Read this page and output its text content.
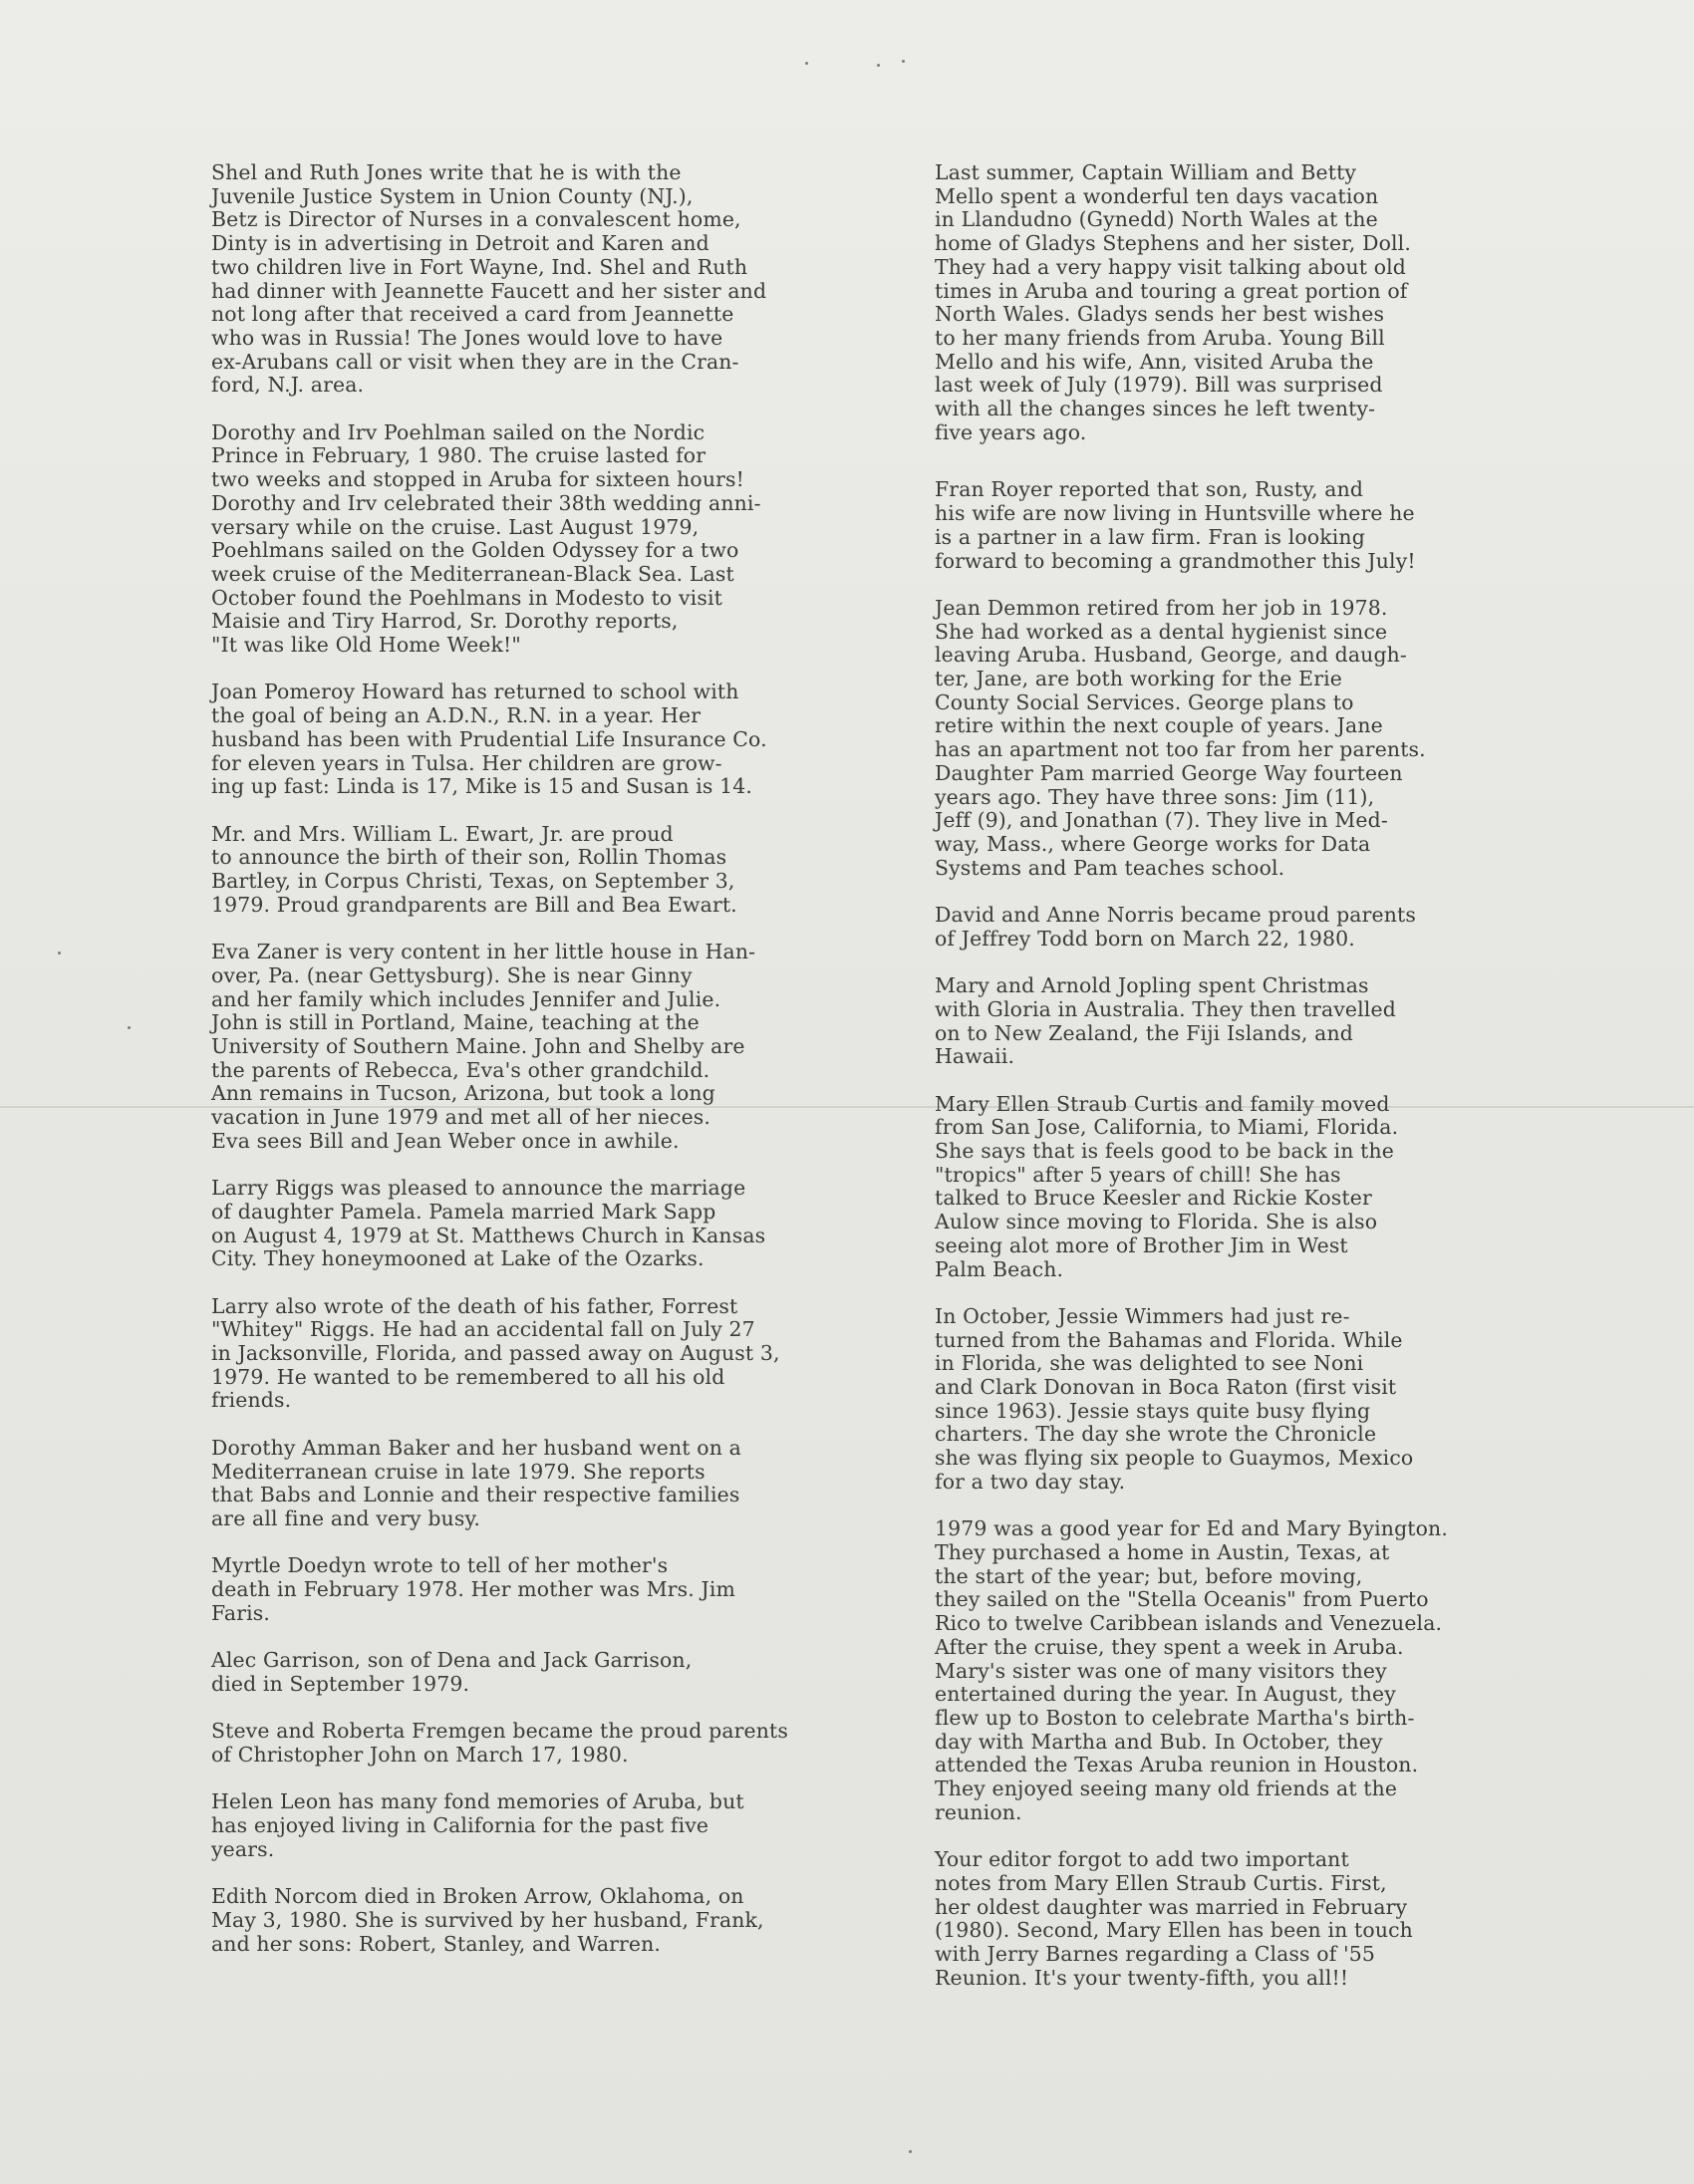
Shel and Ruth Jones write that he is with the
Juvenile Justice System in Union County (NJ.),
Betz is Director of Nurses in a convalescent home,
Dinty is in advertising in Detroit and Karen and
two children live in Fort Wayne, Ind. Shel and Ruth
had dinner with Jeannette Faucett and her sister and
not long after that received a card from Jeannette
who was in Russia! The Jones would love to have
ex-Arubans call or visit when they are in the Cran-
ford, N.J. area.

Dorothy and Irv Poehlman sailed on the Nordic
Prince in February, 1 980. The cruise lasted for
two weeks and stopped in Aruba for sixteen hours!
Dorothy and Irv celebrated their 38th wedding anni-
versary while on the cruise. Last August 1979,
Poehlmans sailed on the Golden Odyssey for a two
week cruise of the Mediterranean-Black Sea. Last
October found the Poehlmans in Modesto to visit
Maisie and Tiry Harrod, Sr. Dorothy reports,
"It was like Old Home Week!"

Joan Pomeroy Howard has returned to school with
the goal of being an A.D.N., R.N. in a year. Her
husband has been with Prudential Life Insurance Co.
for eleven years in Tulsa. Her children are grow-
ing up fast: Linda is 17, Mike is 15 and Susan is 14.

Mr. and Mrs. William L. Ewart, Jr. are proud
to announce the birth of their son, Rollin Thomas
Bartley, in Corpus Christi, Texas, on September 3,
1979. Proud grandparents are Bill and Bea Ewart.

Eva Zaner is very content in her little house in Han-
over, Pa. (near Gettysburg). She is near Ginny
and her family which includes Jennifer and Julie.
John is still in Portland, Maine, teaching at the
University of Southern Maine. John and Shelby are
the parents of Rebecca, Eva's other grandchild.
Ann remains in Tucson, Arizona, but took a long
vacation in June 1979 and met all of her nieces.
Eva sees Bill and Jean Weber once in awhile.

Larry Riggs was pleased to announce the marriage
of daughter Pamela. Pamela married Mark Sapp
on August 4, 1979 at St. Matthews Church in Kansas
City. They honeymooned at Lake of the Ozarks.

Larry also wrote of the death of his father, Forrest
"Whitey" Riggs. He had an accidental fall on July 27
in Jacksonville, Florida, and passed away on August 3,
1979. He wanted to be remembered to all his old
friends.

Dorothy Amman Baker and her husband went on a
Mediterranean cruise in late 1979. She reports
that Babs and Lonnie and their respective families
are all fine and very busy.

Myrtle Doedyn wrote to tell of her mother's
death in February 1978. Her mother was Mrs. Jim
Faris.

Alec Garrison, son of Dena and Jack Garrison,
died in September 1979.

Steve and Roberta Fremgen became the proud parents
of Christopher John on March 17, 1980.

Helen Leon has many fond memories of Aruba, but
has enjoyed living in California for the past five
years.

Edith Norcom died in Broken Arrow, Oklahoma, on
May 3, 1980. She is survived by her husband, Frank,
and her sons: Robert, Stanley, and Warren.

Last summer, Captain William and Betty
Mello spent a wonderful ten days vacation
in Llandudno (Gynedd) North Wales at the
home of Gladys Stephens and her sister, Doll.
They had a very happy visit talking about old
times in Aruba and touring a great portion of
North Wales. Gladys sends her best wishes
to her many friends from Aruba. Young Bill
Mello and his wife, Ann, visited Aruba the
last week of July (1979). Bill was surprised
with all the changes sinces he left twenty-
five years ago.

Fran Royer reported that son, Rusty, and
his wife are now living in Huntsville where he
is a partner in a law firm. Fran is looking
forward to becoming a grandmother this July!

Jean Demmon retired from her job in 1978.
She had worked as a dental hygienist since
leaving Aruba. Husband, George, and daugh-
ter, Jane, are both working for the Erie
County Social Services. George plans to
retire within the next couple of years. Jane
has an apartment not too far from her parents.
Daughter Pam married George Way fourteen
years ago. They have three sons: Jim (11),
Jeff (9), and Jonathan (7). They live in Med-
way, Mass., where George works for Data
Systems and Pam teaches school.

David and Anne Norris became proud parents
of Jeffrey Todd born on March 22, 1980.

Mary and Arnold Jopling spent Christmas
with Gloria in Australia. They then travelled
on to New Zealand, the Fiji Islands, and
Hawaii.

Mary Ellen Straub Curtis and family moved
from San Jose, California, to Miami, Florida.
She says that is feels good to be back in the
"tropics" after 5 years of chill! She has
talked to Bruce Keesler and Rickie Koster
Aulow since moving to Florida. She is also
seeing alot more of Brother Jim in West
Palm Beach.

In October, Jessie Wimmers had just re-
turned from the Bahamas and Florida. While
in Florida, she was delighted to see Noni
and Clark Donovan in Boca Raton (first visit
since 1963). Jessie stays quite busy flying
charters. The day she wrote the Chronicle
she was flying six people to Guaymos, Mexico
for a two day stay.

1979 was a good year for Ed and Mary Byington.
They purchased a home in Austin, Texas, at
the start of the year; but, before moving,
they sailed on the "Stella Oceanis" from Puerto
Rico to twelve Caribbean islands and Venezuela.
After the cruise, they spent a week in Aruba.
Mary's sister was one of many visitors they
entertained during the year. In August, they
flew up to Boston to celebrate Martha's birth-
day with Martha and Bub. In October, they
attended the Texas Aruba reunion in Houston.
They enjoyed seeing many old friends at the
reunion.

Your editor forgot to add two important
notes from Mary Ellen Straub Curtis. First,
her oldest daughter was married in February
(1980). Second, Mary Ellen has been in touch
with Jerry Barnes regarding a Class of '55
Reunion. It's your twenty-fifth, you all!!
